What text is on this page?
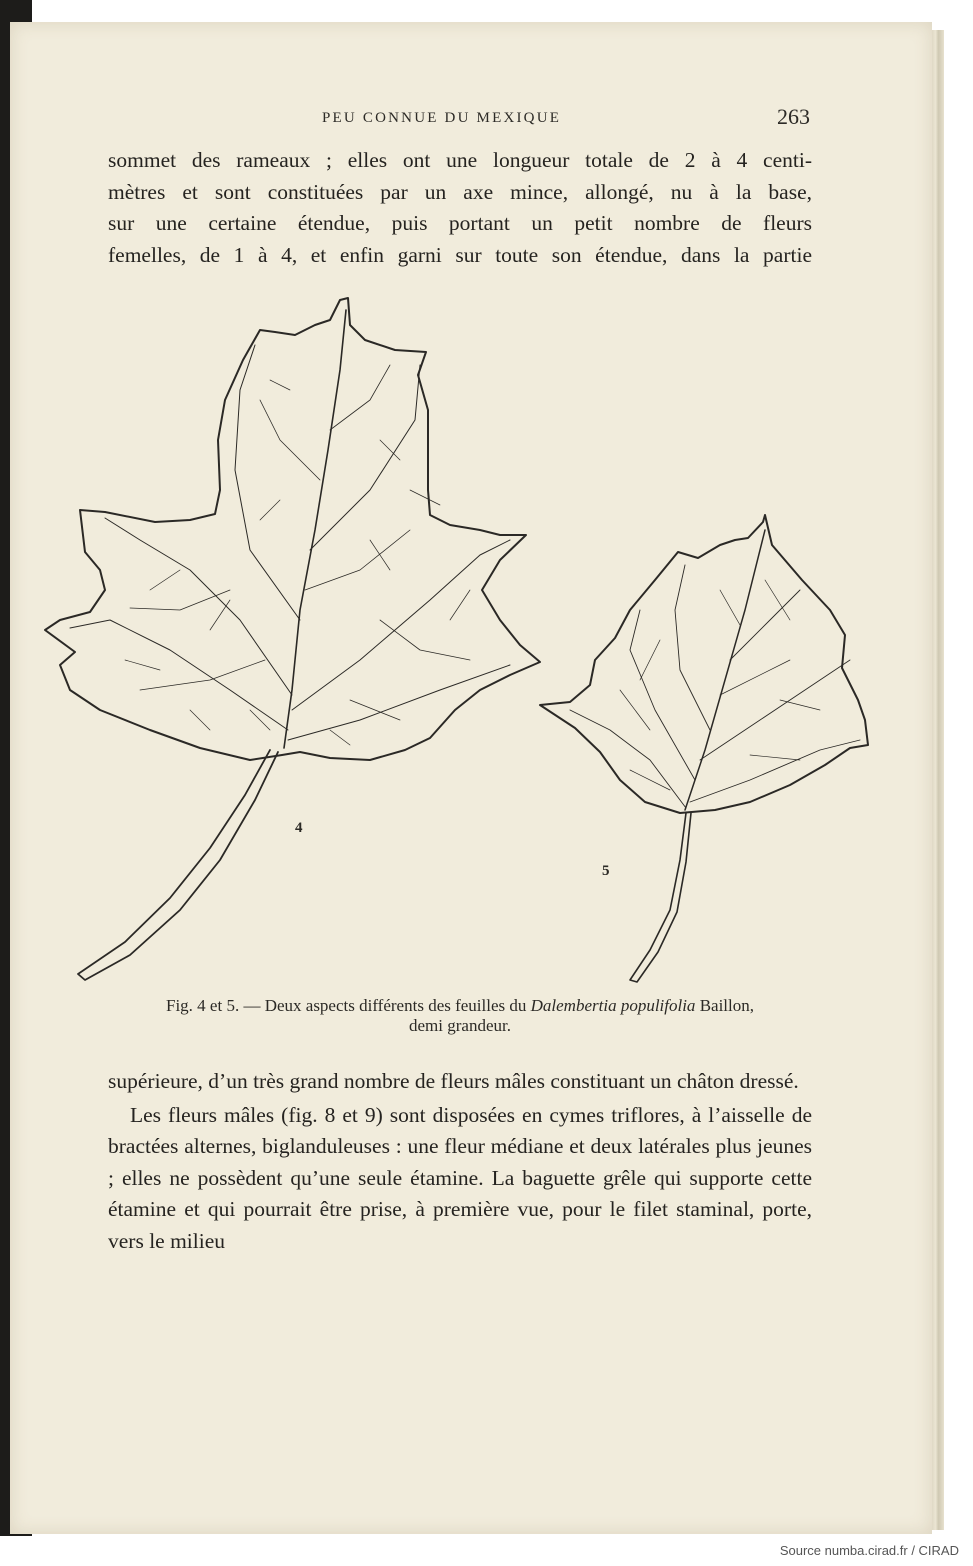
PEU CONNUE DU MEXIQUE	263

sommet des rameaux ; elles ont une longueur totale de 2 à 4 centi-

mètres et sont constituées par un axe mince, allongé, nu à la base,

sur une certaine étendue, puis portant un petit nombre de fleurs

femelles, de 1 à 4, et enfin garni sur toute son étendue, dans la partie

4
5
Fig. 4 et 5. — Deux aspects différents des feuilles du Dalembertia populifolia Baillon,
demi grandeur.

supérieure, d’un très grand nombre de fleurs mâles constituant un châton dressé.

Les fleurs mâles (fig. 8 et 9) sont disposées en cymes triflores, à l’aisselle de bractées alternes, biglanduleuses : une fleur médiane et deux latérales plus jeunes ; elles ne possèdent qu’une seule étamine. La baguette grêle qui supporte cette étamine et qui pourrait être prise, à première vue, pour le filet staminal, porte, vers le milieu

Source numba.cirad.fr / CIRAD
